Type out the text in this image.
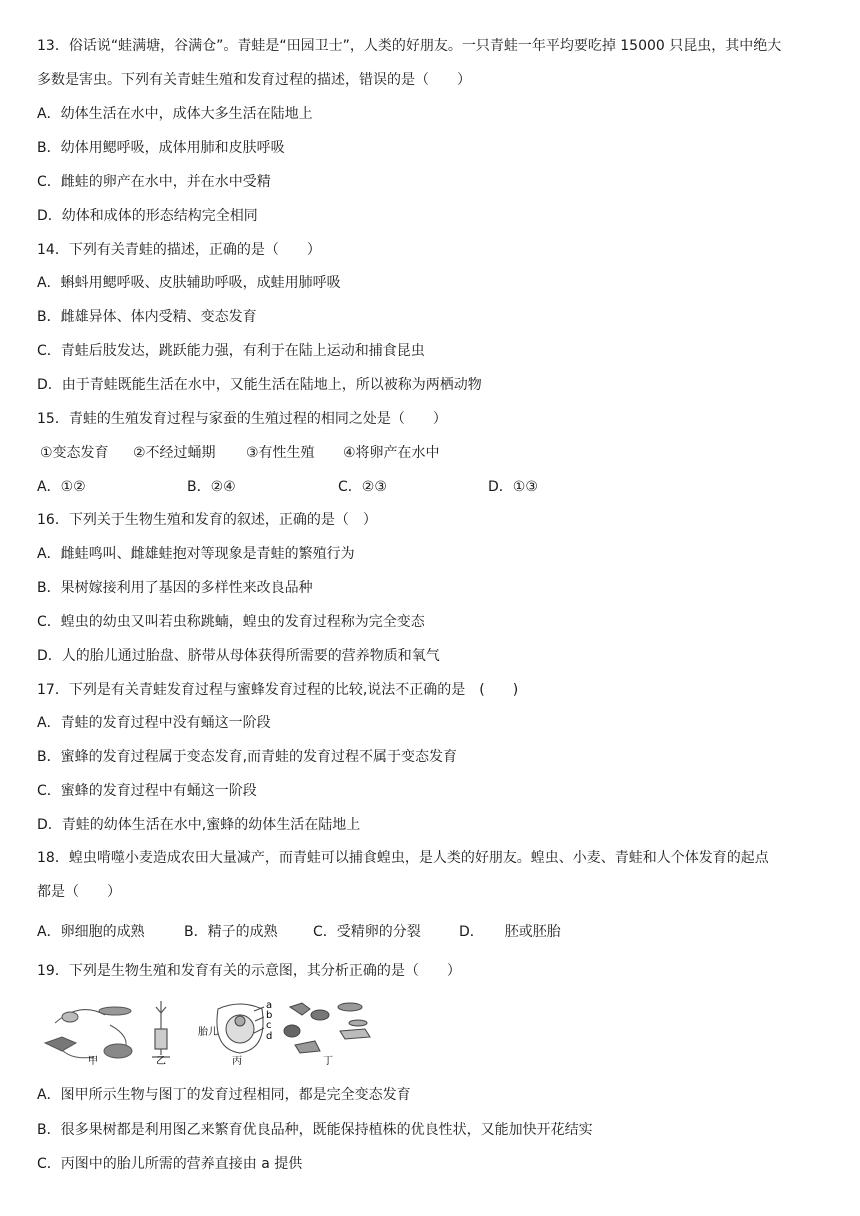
13．俗话说“蛙满塘，谷满仓”。青蛙是“田园卫士”，人类的好朋友。一只青蛙一年平均要吃掉 15000 只昆虫，其中绝大
多数是害虫。下列有关青蛙生殖和发育过程的描述，错误的是（　　）
A．幼体生活在水中，成体大多生活在陆地上
B．幼体用鳃呼吸，成体用肺和皮肤呼吸
C．雌蛙的卵产在水中，并在水中受精
D．幼体和成体的形态结构完全相同
14．下列有关青蛙的描述，正确的是（　　）
A．蝌蚪用鳃呼吸、皮肤辅助呼吸，成蛙用肺呼吸
B．雌雄异体、体内受精、变态发育
C．青蛙后肢发达，跳跃能力强，有利于在陆上运动和捕食昆虫
D．由于青蛙既能生活在水中，又能生活在陆地上，所以被称为两栖动物
15．青蛙的生殖发育过程与家蚕的生殖过程的相同之处是（　　）
①变态发育 ②不经过蛹期 ③有性生殖 ④将卵产在水中
A．①②	B．②④	C．②③	D．①③
16．下列关于生物生殖和发育的叙述，正确的是（　）
A．雌蛙鸣叫、雌雄蛙抱对等现象是青蛙的繁殖行为
B．果树嫁接利用了基因的多样性来改良品种
C．蝗虫的幼虫又叫若虫称跳蝻，蝗虫的发育过程称为完全变态
D．人的胎儿通过胎盘、脐带从母体获得所需要的营养物质和氧气
17．下列是有关青蛙发育过程与蜜蜂发育过程的比较,说法不正确的是　(　　)
A．青蛙的发育过程中没有蛹这一阶段
B．蜜蜂的发育过程属于变态发育,而青蛙的发育过程不属于变态发育
C．蜜蜂的发育过程中有蛹这一阶段
D．青蛙的幼体生活在水中,蜜蜂的幼体生活在陆地上
18．蝗虫啃噬小麦造成农田大量减产，而青蛙可以捕食蝗虫，是人类的好朋友。蝗虫、小麦、青蛙和人个体发育的起点
都是（　　）
A．卵细胞的成熟	B．精子的成熟	C．受精卵的分裂	D．　　胚或胚胎
19．下列是生物生殖和发育有关的示意图，其分析正确的是（　　）
甲	乙
胎儿
丙
a
b
c
d
丁
A．图甲所示生物与图丁的发育过程相同，都是完全变态发育
B．很多果树都是利用图乙来繁育优良品种，既能保持植株的优良性状，又能加快开花结实
C．丙图中的胎儿所需的营养直接由 a 提供
